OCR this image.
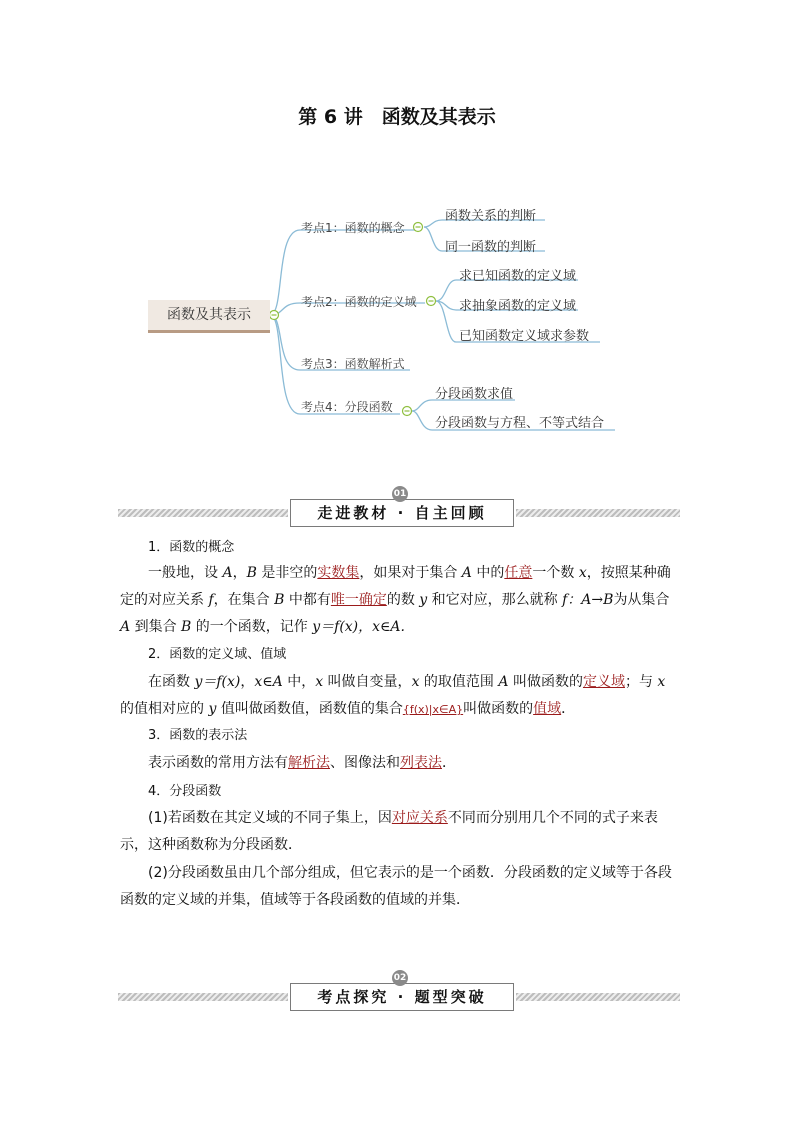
第 6 讲　函数及其表示
函数及其表示
考点1：函数的概念
考点2：函数的定义域
考点3：函数解析式
考点4：分段函数
函数关系的判断
同一函数的判断
求已知函数的定义域
求抽象函数的定义域
已知函数定义域求参数
分段函数求值
分段函数与方程、不等式结合
走进教材 · 自主回顾
01
1．函数的概念
一般地，设 A，B 是非空的实数集，如果对于集合 A 中的任意一个数 x，按照某种确定的对应关系 f，在集合 B 中都有唯一确定的数 y 和它对应，那么就称 f：A→B为从集合 A 到集合 B 的一个函数，记作 y＝f(x)，x∈A.
2．函数的定义域、值域
在函数 y＝f(x)，x∈A 中，x 叫做自变量，x 的取值范围 A 叫做函数的定义域；与 x 的值相对应的 y 值叫做函数值，函数值的集合{f(x)|x∈A}叫做函数的值域．
3．函数的表示法
表示函数的常用方法有解析法、图像法和列表法．
4．分段函数
(1)若函数在其定义域的不同子集上，因对应关系不同而分别用几个不同的式子来表示，这种函数称为分段函数．
(2)分段函数虽由几个部分组成，但它表示的是一个函数．分段函数的定义域等于各段函数的定义域的并集，值域等于各段函数的值域的并集．
考点探究 · 题型突破
02
